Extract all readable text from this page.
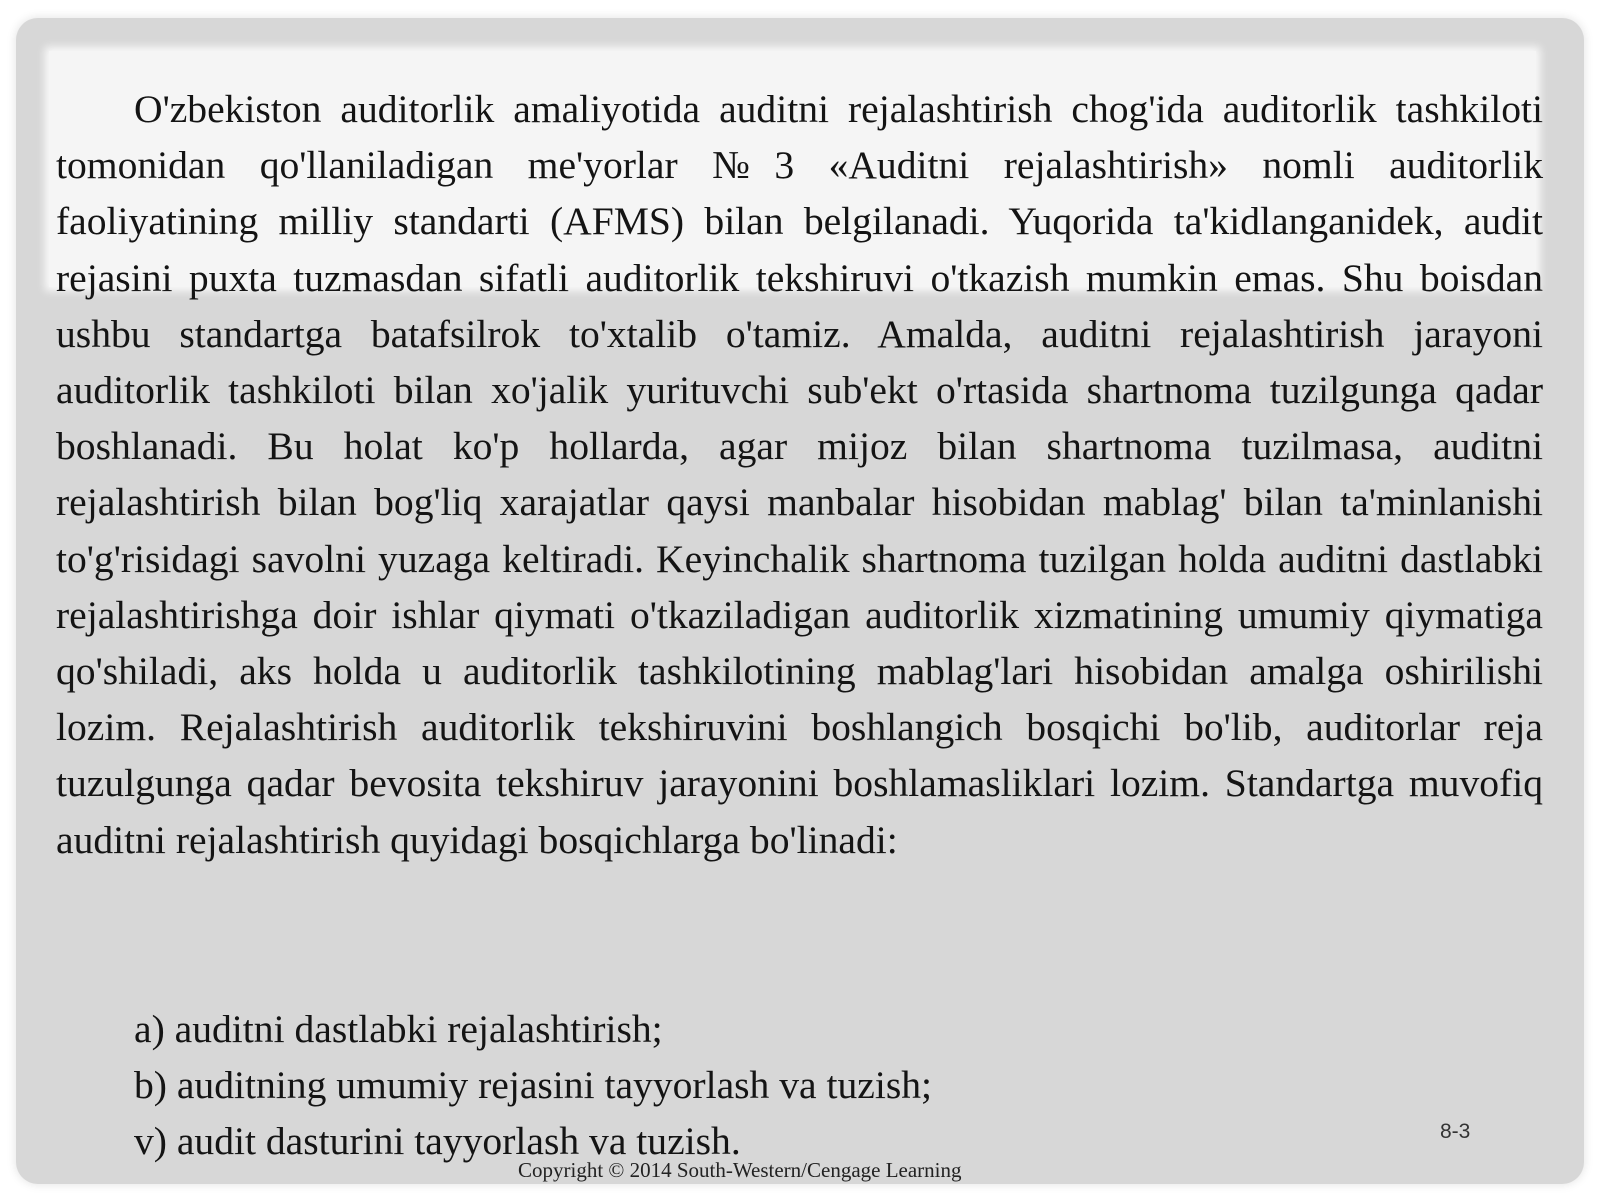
O'zbekiston auditorlik amaliyotida auditni rejalashtirish chog'ida auditorlik tashkiloti tomonidan qo'llaniladigan me'yorlar №3 «Auditni rejalashtirish» nomli auditorlik faoliyatining milliy standarti (AFMS) bilan belgilanadi. Yuqorida ta'kidlanganidek, audit rejasini puxta tuzmasdan sifatli auditorlik tekshiruvi o'tkazish mumkin emas. Shu boisdan ushbu standartga batafsilrok to'xtalib o'tamiz. Amalda, auditni rejalashtirish jarayoni auditorlik tashkiloti bilan xo'jalik yurituvchi sub'ekt o'rtasida shartnoma tuzilgunga qadar boshlanadi. Bu holat ko'p hollarda, agar mijoz bilan shartnoma tuzilmasa, auditni rejalashtirish bilan bog'liq xarajatlar qaysi manbalar hisobidan mablag' bilan ta'minlanishi to'g'risidagi savolni yuzaga keltiradi. Keyinchalik shartnoma tuzilgan holda auditni dastlabki rejalashtirishga doir ishlar qiymati o'tkaziladigan auditorlik xizmatining umumiy qiymatiga qo'shiladi, aks holda u auditorlik tashkilotining mablag'lari hisobidan amalga oshirilishi lozim. Rejalashtirish auditorlik tekshiruvini boshlangich bosqichi bo'lib, auditorlar reja tuzulgunga qadar bevosita tekshiruv jarayonini boshlamasliklari lozim. Standartga muvofiq auditni rejalashtirish quyidagi bosqichlarga bo'linadi:

a) auditni dastlabki rejalashtirish;
b) auditning umumiy rejasini tayyorlash va tuzish;
v) audit dasturini tayyorlash va tuzish.	8-3
Copyright © 2014 South-Western/Cengage Learning
